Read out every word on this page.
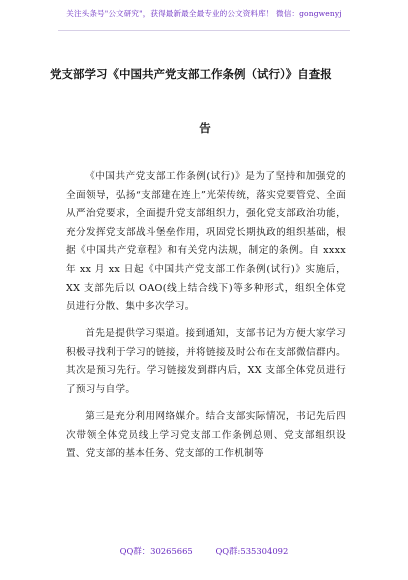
关注头条号"公文研究"，获得最新最全最专业的公文资料库！ 微信：gongwenyj
党支部学习《中国共产党支部工作条例（试行）》自查报
告

《中国共产党支部工作条例(试行)》是为了坚持和加强党的全面领导，弘扬“支部建在连上”光荣传统，落实党要管党、全面从严治党要求，全面提升党支部组织力，强化党支部政治功能，充分发挥党支部战斗堡垒作用，巩固党长期执政的组织基础，根据《中国共产党章程》和有关党内法规，制定的条例。自 xxxx 年 xx 月 xx 日起《中国共产党支部工作条例(试行)》实施后，XX 支部先后以 OAO(线上结合线下)等多种形式，组织全体党员进行分散、集中多次学习。

首先是提供学习渠道。接到通知，支部书记为方便大家学习积极寻找利于学习的链接，并将链接及时公布在支部微信群内。其次是预习先行。学习链接发到群内后，XX 支部全体党员进行了预习与自学。

第三是充分利用网络媒介。结合支部实际情况，书记先后四次带领全体党员线上学习党支部工作条例总则、党支部组织设置、党支部的基本任务、党支部的工作机制等

QQ群：30265665	QQ群:535304092
